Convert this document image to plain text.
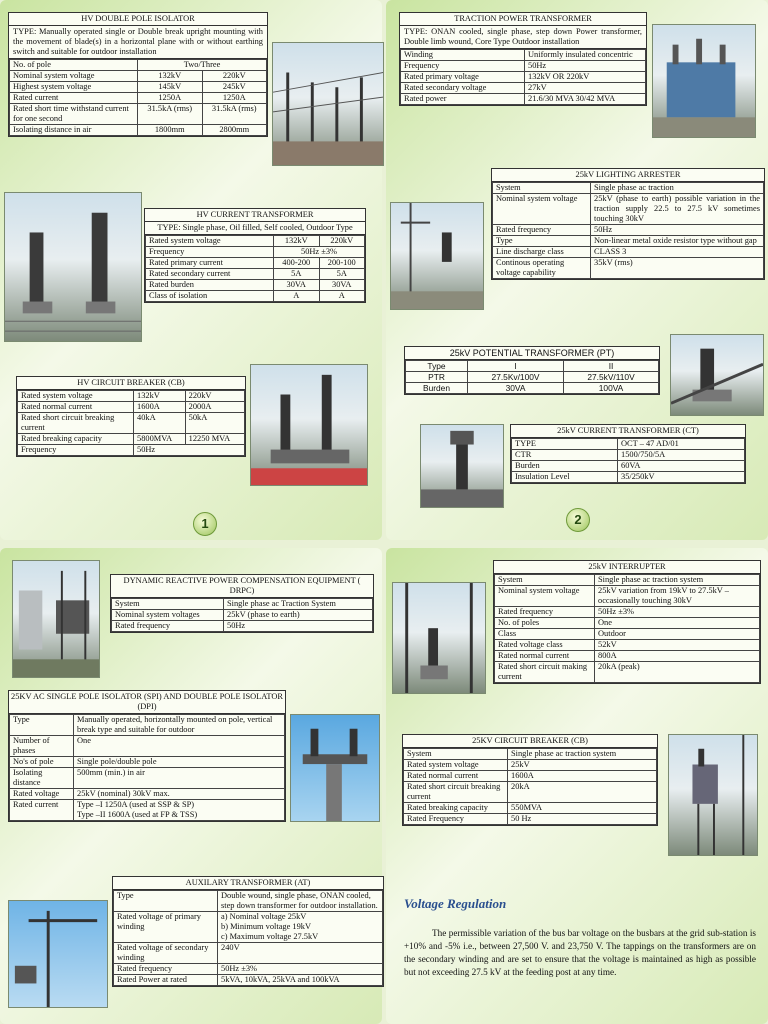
HV DOUBLE POLE ISOLATOR
TYPE: Manually operated single or Double break upright mounting with the movement of blade(s) in a horizontal plane with or without earthing switch and suitable for outdoor installation
No. of pole	Two/Three	
Nominal system voltage	132kV	220kV
Highest system voltage	145kV	245kV
Rated current	1250A	1250A
Rated short time withstand current for one second	31.5kA (rms)	31.5kA (rms)
Isolating distance in air	1800mm	2800mm
HV CURRENT TRANSFORMER
TYPE: Single phase, Oil filled, Self cooled, Outdoor Type
Rated system voltage	132kV	220kV
Frequency	50Hz ±3%	
Rated primary current	400-200	200-100
Rated secondary current	5A	5A
Rated burden	30VA	30VA
Class of isolation	A	A
HV CIRCUIT BREAKER (CB)
Rated system voltage	132kV	220kV
Rated normal current	1600A	2000A
Rated short circuit breaking current	40kA	50kA
Rated breaking capacity	5800MVA	12250 MVA
Frequency	50Hz	
1
TRACTION POWER TRANSFORMER
TYPE: ONAN cooled, single phase, step down Power transformer, Double limb wound, Core Type Outdoor installation
Winding	Uniformly insulated concentric
Frequency	50Hz
Rated primary voltage	132kV OR 220kV
Rated secondary voltage	27kV
Rated power	21.6/30 MVA 30/42 MVA
25kV LIGHTING ARRESTER
System	Single phase ac traction
Nominal system voltage	25kV (phase to earth) possible variation in the traction supply 22.5 to 27.5 kV sometimes touching 30kV
Rated frequency	50Hz
Type	Non-linear metal oxide resistor type without gap
Line discharge class	CLASS 3
Continous operating voltage capability	35kV (rms)
25kV POTENTIAL TRANSFORMER (PT)
Type	I	II
PTR	27.5Kv/100V	27.5kV/110V
Burden	30VA	100VA
25kV CURRENT TRANSFORMER (CT)
TYPE	OCT – 47 AD/01
CTR	1500/750/5A
Burden	60VA
Insulation Level	35/250kV
2
DYNAMIC REACTIVE POWER COMPENSATION EQUIPMENT ( DRPC)
System	Single phase ac Traction System
Nominal system voltages	25kV (phase to earth)
Rated frequency	50Hz
25KV AC SINGLE POLE ISOLATOR (SPI) AND DOUBLE POLE ISOLATOR (DPI)
Type	Manually operated, horizontally mounted on pole, vertical break type and suitable for outdoor
Number of phases	One
No's of pole	Single pole/double pole
Isolating distance	500mm (min.) in air
Rated voltage	25kV (nominal) 30kV max.
Rated current	Type –I 1250A (used at SSP & SP)
Type –II 1600A (used at FP & TSS)
AUXILARY TRANSFORMER (AT)
Type	Double wound, single phase, ONAN cooled, step down transformer for outdoor installation.
Rated voltage of primary winding	a) Nominal voltage 25kV
b) Minimum voltage 19kV
c) Maximum voltage 27.5kV
Rated voltage of secondary winding	240V
Rated frequency	50Hz ±3%
Rated Power at rated	5kVA, 10kVA, 25kVA and 100kVA
25kV INTERRUPTER
System	Single phase ac traction system
Nominal system voltage	25kV variation from 19kV to 27.5kV – occasionally touching 30kV
Rated frequency	50Hz ±3%
No. of poles	One
Class	Outdoor
Rated voltage class	52kV
Rated normal current	800A
Rated short circuit making current	20kA (peak)
25KV CIRCUIT BREAKER (CB)
System	Single phase ac traction system
Rated system voltage	25kV
Rated normal current	1600A
Rated short circuit breaking current	20kA
Rated breaking capacity	550MVA
Rated Frequency	50 Hz
Voltage Regulation
The permissible variation of the bus bar voltage on the busbars at the grid sub-station is +10% and -5% i.e., between 27,500 V. and 23,750 V. The tappings on the transformers are on the secondary winding and are set to ensure that the voltage is maintained as high as possible but not exceeding 27.5 kV at the feeding post at any time.
